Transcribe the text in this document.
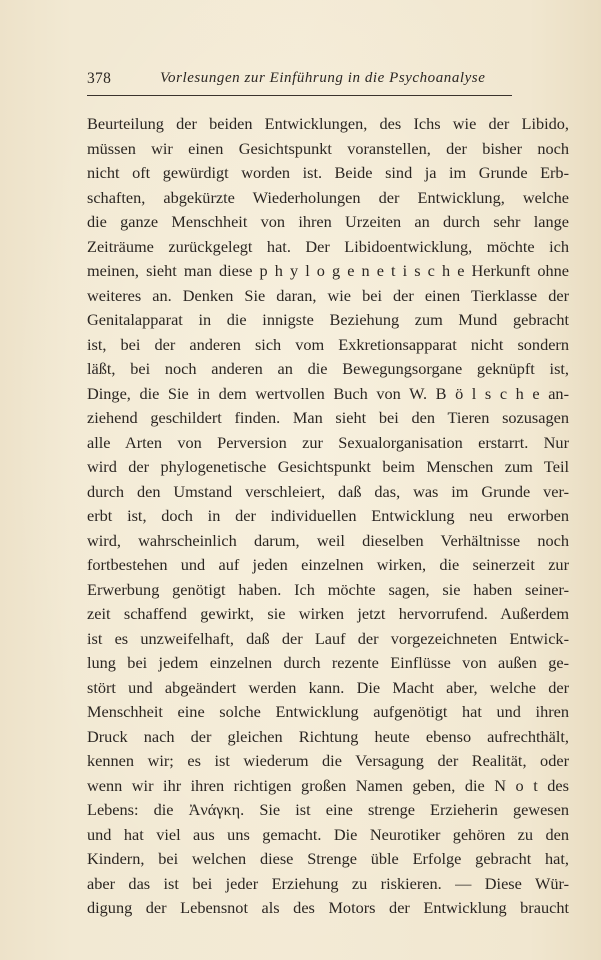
378	Vorlesungen zur Einführung in die Psychoanalyse
Beurteilung der beiden Entwicklungen, des Ichs wie der Libido,
müssen wir einen Gesichtspunkt voranstellen, der bisher noch
nicht oft gewürdigt worden ist. Beide sind ja im Grunde Erb-
schaften, abgekürzte Wiederholungen der Entwicklung, welche
die ganze Menschheit von ihren Urzeiten an durch sehr lange
Zeiträume zurückgelegt hat. Der Libidoentwicklung, möchte ich
meinen, sieht man diese p h y l o g e n e t i s c h e Herkunft ohne
weiteres an. Denken Sie daran, wie bei der einen Tierklasse der
Genitalapparat in die innigste Beziehung zum Mund gebracht
ist, bei der anderen sich vom Exkretionsapparat nicht sondern
läßt, bei noch anderen an die Bewegungsorgane geknüpft ist,
Dinge, die Sie in dem wertvollen Buch von W. B ö l s c h e an-
ziehend geschildert finden. Man sieht bei den Tieren sozusagen
alle Arten von Perversion zur Sexualorganisation erstarrt. Nur
wird der phylogenetische Gesichtspunkt beim Menschen zum Teil
durch den Umstand verschleiert, daß das, was im Grunde ver-
erbt ist, doch in der individuellen Entwicklung neu erworben
wird, wahrscheinlich darum, weil dieselben Verhältnisse noch
fortbestehen und auf jeden einzelnen wirken, die seinerzeit zur
Erwerbung genötigt haben. Ich möchte sagen, sie haben seiner-
zeit schaffend gewirkt, sie wirken jetzt hervorrufend. Außerdem
ist es unzweifelhaft, daß der Lauf der vorgezeichneten Entwick-
lung bei jedem einzelnen durch rezente Einflüsse von außen ge-
stört und abgeändert werden kann. Die Macht aber, welche der
Menschheit eine solche Entwicklung aufgenötigt hat und ihren
Druck nach der gleichen Richtung heute ebenso aufrechthält,
kennen wir; es ist wiederum die Versagung der Realität, oder
wenn wir ihr ihren richtigen großen Namen geben, die N o t des
Lebens: die Ἀνάγκη. Sie ist eine strenge Erzieherin gewesen
und hat viel aus uns gemacht. Die Neurotiker gehören zu den
Kindern, bei welchen diese Strenge üble Erfolge gebracht hat,
aber das ist bei jeder Erziehung zu riskieren. — Diese Wür-
digung der Lebensnot als des Motors der Entwicklung braucht
